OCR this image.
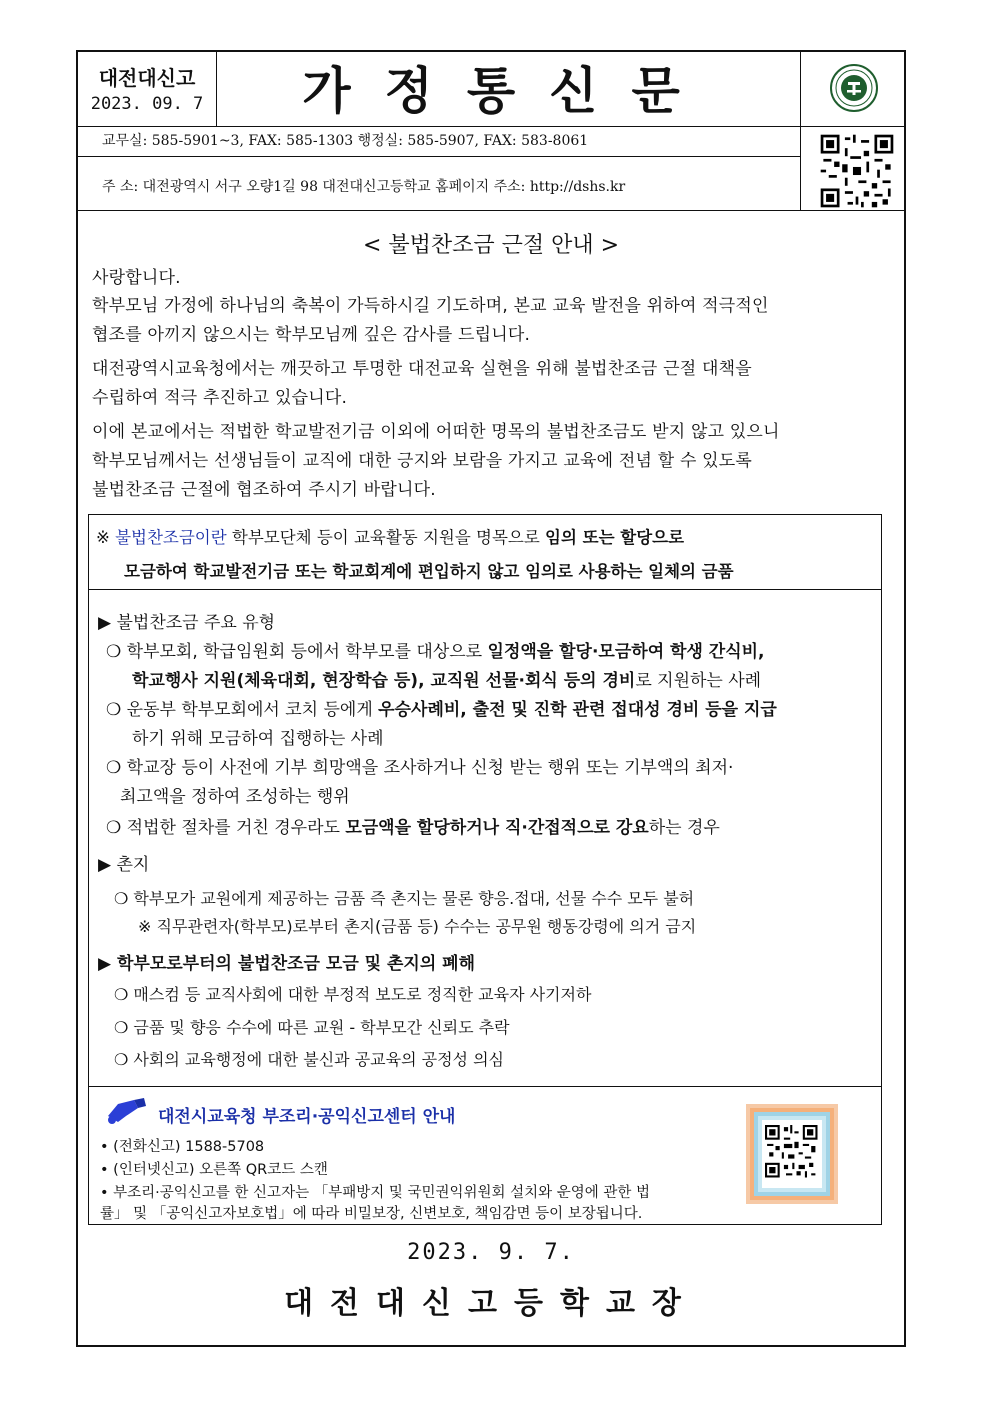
대전대신고
2023. 09. 7	가정통신문
교무실: 585-5901~3, FAX: 585-1303 행정실: 585-5907, FAX: 583-8061
주 소: 대전광역시 서구 오량1길 98 대전대신고등학교 홈페이지 주소: http://dshs.kr
< 불법찬조금 근절 안내 >
사랑합니다.
학부모님 가정에 하나님의 축복이 가득하시길 기도하며, 본교 교육 발전을 위하여 적극적인
협조를 아끼지 않으시는 학부모님께 깊은 감사를 드립니다.
대전광역시교육청에서는 깨끗하고 투명한 대전교육 실현을 위해 불법찬조금 근절 대책을
수립하여 적극 추진하고 있습니다.
이에 본교에서는 적법한 학교발전기금 이외에 어떠한 명목의 불법찬조금도 받지 않고 있으니
학부모님께서는 선생님들이 교직에 대한 긍지와 보람을 가지고 교육에 전념 할 수 있도록
불법찬조금 근절에 협조하여 주시기 바랍니다.
※ 불법찬조금이란 학부모단체 등이 교육활동 지원을 명목으로 임의 또는 할당으로
모금하여 학교발전기금 또는 학교회계에 편입하지 않고 임의로 사용하는 일체의 금품
▶ 불법찬조금 주요 유형
❍ 학부모회, 학급임원회 등에서 학부모를 대상으로 일정액을 할당·모금하여 학생 간식비,
학교행사 지원(체육대회, 현장학습 등), 교직원 선물·회식 등의 경비로 지원하는 사례
❍ 운동부 학부모회에서 코치 등에게 우승사례비, 출전 및 진학 관련 접대성 경비 등을 지급
하기 위해 모금하여 집행하는 사례
❍ 학교장 등이 사전에 기부 희망액을 조사하거나 신청 받는 행위 또는 기부액의 최저·
최고액을 정하여 조성하는 행위
❍ 적법한 절차를 거친 경우라도 모금액을 할당하거나 직·간접적으로 강요하는 경우
▶ 촌지
❍ 학부모가 교원에게 제공하는 금품 즉 촌지는 물론 향응.접대, 선물 수수 모두 불허
※ 직무관련자(학부모)로부터 촌지(금품 등) 수수는 공무원 행동강령에 의거 금지
▶ 학부모로부터의 불법찬조금 모금 및 촌지의 폐해
❍ 매스컴 등 교직사회에 대한 부정적 보도로 정직한 교육자 사기저하
❍ 금품 및 향응 수수에 따른 교원 - 학부모간 신뢰도 추락
❍ 사회의 교육행정에 대한 불신과 공교육의 공정성 의심
대전시교육청 부조리·공익신고센터 안내
• (전화신고) 1588-5708
• (인터넷신고) 오른쪽 QR코드 스캔
• 부조리·공익신고를 한 신고자는 「부패방지 및 국민권익위원회 설치와 운영에 관한 법
률」 및 「공익신고자보호법」에 따라 비밀보장, 신변보호, 책임감면 등이 보장됩니다.
2023. 9. 7.
대전대신고등학교장
